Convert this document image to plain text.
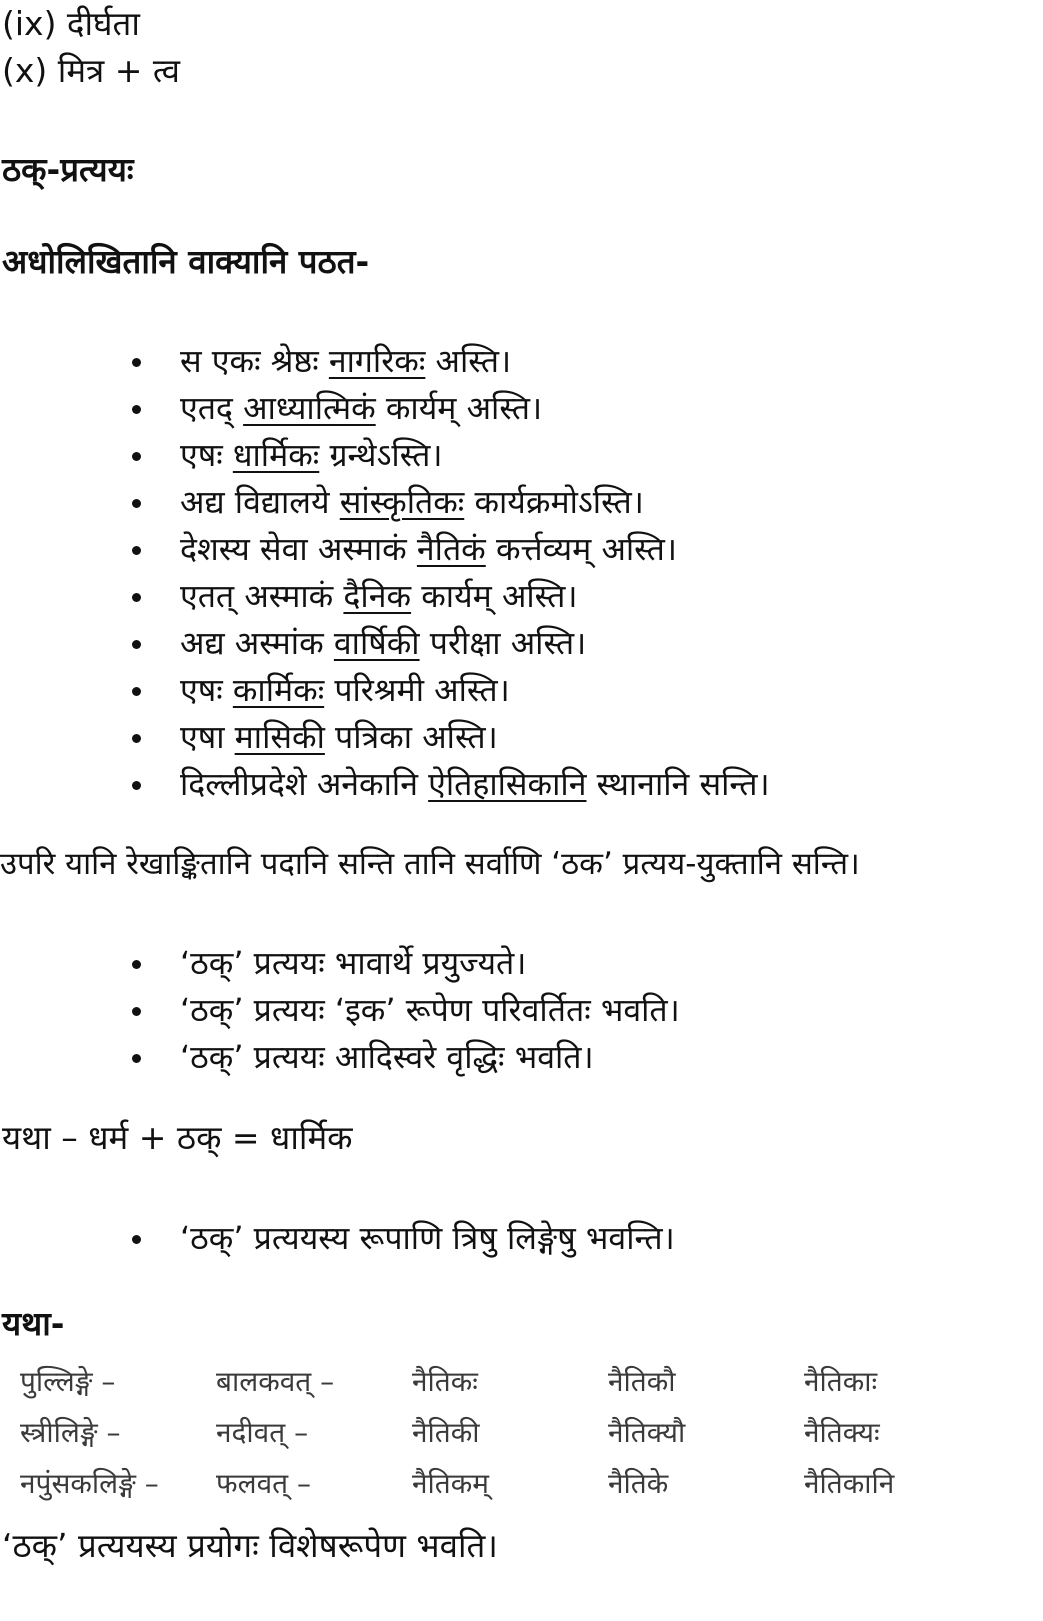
(ix) दीर्घता
(x) मित्र + त्व
ठक्-प्रत्ययः
अधोलिखितानि वाक्यानि पठत-
स एकः श्रेष्ठः नागरिकः अस्ति।
एतद् आध्यात्मिकं कार्यम् अस्ति।
एषः धार्मिकः ग्रन्थेऽस्ति।
अद्य विद्यालये सांस्कृतिकः कार्यक्रमोऽस्ति।
देशस्य सेवा अस्माकं नैतिकं कर्त्तव्यम् अस्ति।
एतत् अस्माकं दैनिक कार्यम् अस्ति।
अद्य अस्मांक वार्षिकी परीक्षा अस्ति।
एषः कार्मिकः परिश्रमी अस्ति।
एषा मासिकी पत्रिका अस्ति।
दिल्लीप्रदेशे अनेकानि ऐतिहासिकानि स्थानानि सन्ति।
उपरि यानि रेखाङ्कितानि पदानि सन्ति तानि सर्वाणि ‘ठक’ प्रत्यय-युक्तानि सन्ति।
‘ठक्’ प्रत्ययः भावार्थे प्रयुज्यते।
‘ठक्’ प्रत्ययः ‘इक’ रूपेण परिवर्तितः भवति।
‘ठक्’ प्रत्ययः आदिस्वरे वृद्धिः भवति।
यथा – धर्म + ठक् = धार्मिक
‘ठक्’ प्रत्ययस्य रूपाणि त्रिषु लिङ्गेषु भवन्ति।
यथा-
पुल्लिङ्गे –	बालकवत् –	नैतिकः	नैतिकौ	नैतिकाः
स्त्रीलिङ्गे –	नदीवत् –	नैतिकी	नैतिक्यौ	नैतिक्यः
नपुंसकलिङ्गे – फलवत् –	नैतिकम्	नैतिके	नैतिकानि
‘ठक्’ प्रत्ययस्य प्रयोगः विशेषरूपेण भवति।
